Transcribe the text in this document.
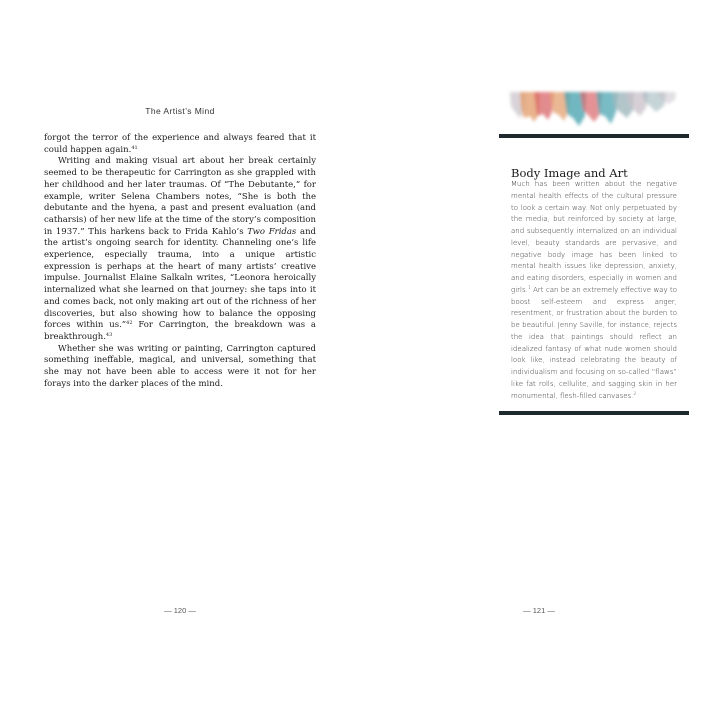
The Artist’s Mind

forgot the terror of the experience and always feared that it could happen again.$^{41}$

Writing and making visual art about her break certainly seemed to be therapeutic for Carrington as she grappled with her childhood and her later traumas. Of “The Debutante,” for example, writer Selena Chambers notes, “She is both the debutante and the hyena, a past and present evaluation (and catharsis) of her new life at the time of the story’s composition in 1937.” This harkens back to Frida Kahlo’s Two Fridas and the artist’s ongoing search for identity. Channeling one’s life experience, especially trauma, into a unique artistic expression is perhaps at the heart of many artists’ creative impulse. Journalist Elaine Salkaln writes, “Leonora heroically internalized what she learned on that journey: she taps into it and comes back, not only making art out of the richness of her discoveries, but also showing how to balance the opposing forces within us.”$^{42}$ For Carrington, the breakdown was a breakthrough.$^{43}$

Whether she was writing or painting, Carrington captured something ineffable, magical, and universal, something that she may not have been able to access were it not for her forays into the darker places of the mind.

— 120 —
Body Image and Art

Much has been written about the negative mental health effects of the cultural pressure to look a certain way. Not only perpetuated by the media, but reinforced by society at large, and subsequently internalized on an individual level, beauty standards are pervasive, and negative body image has been linked to mental health issues like depression, anxiety, and eating disorders, especially in women and girls.$^1$ Art can be an extremely effective way to boost self-esteem and express anger, resentment, or frustration about the burden to be beautiful. Jenny Saville, for instance, rejects the idea that paintings should reflect an idealized fantasy of what nude women should look like, instead celebrating the beauty of individualism and focusing on so-called “flaws” like fat rolls, cellulite, and sagging skin in her monumental, flesh-filled canvases.$^2$

— 121 —
